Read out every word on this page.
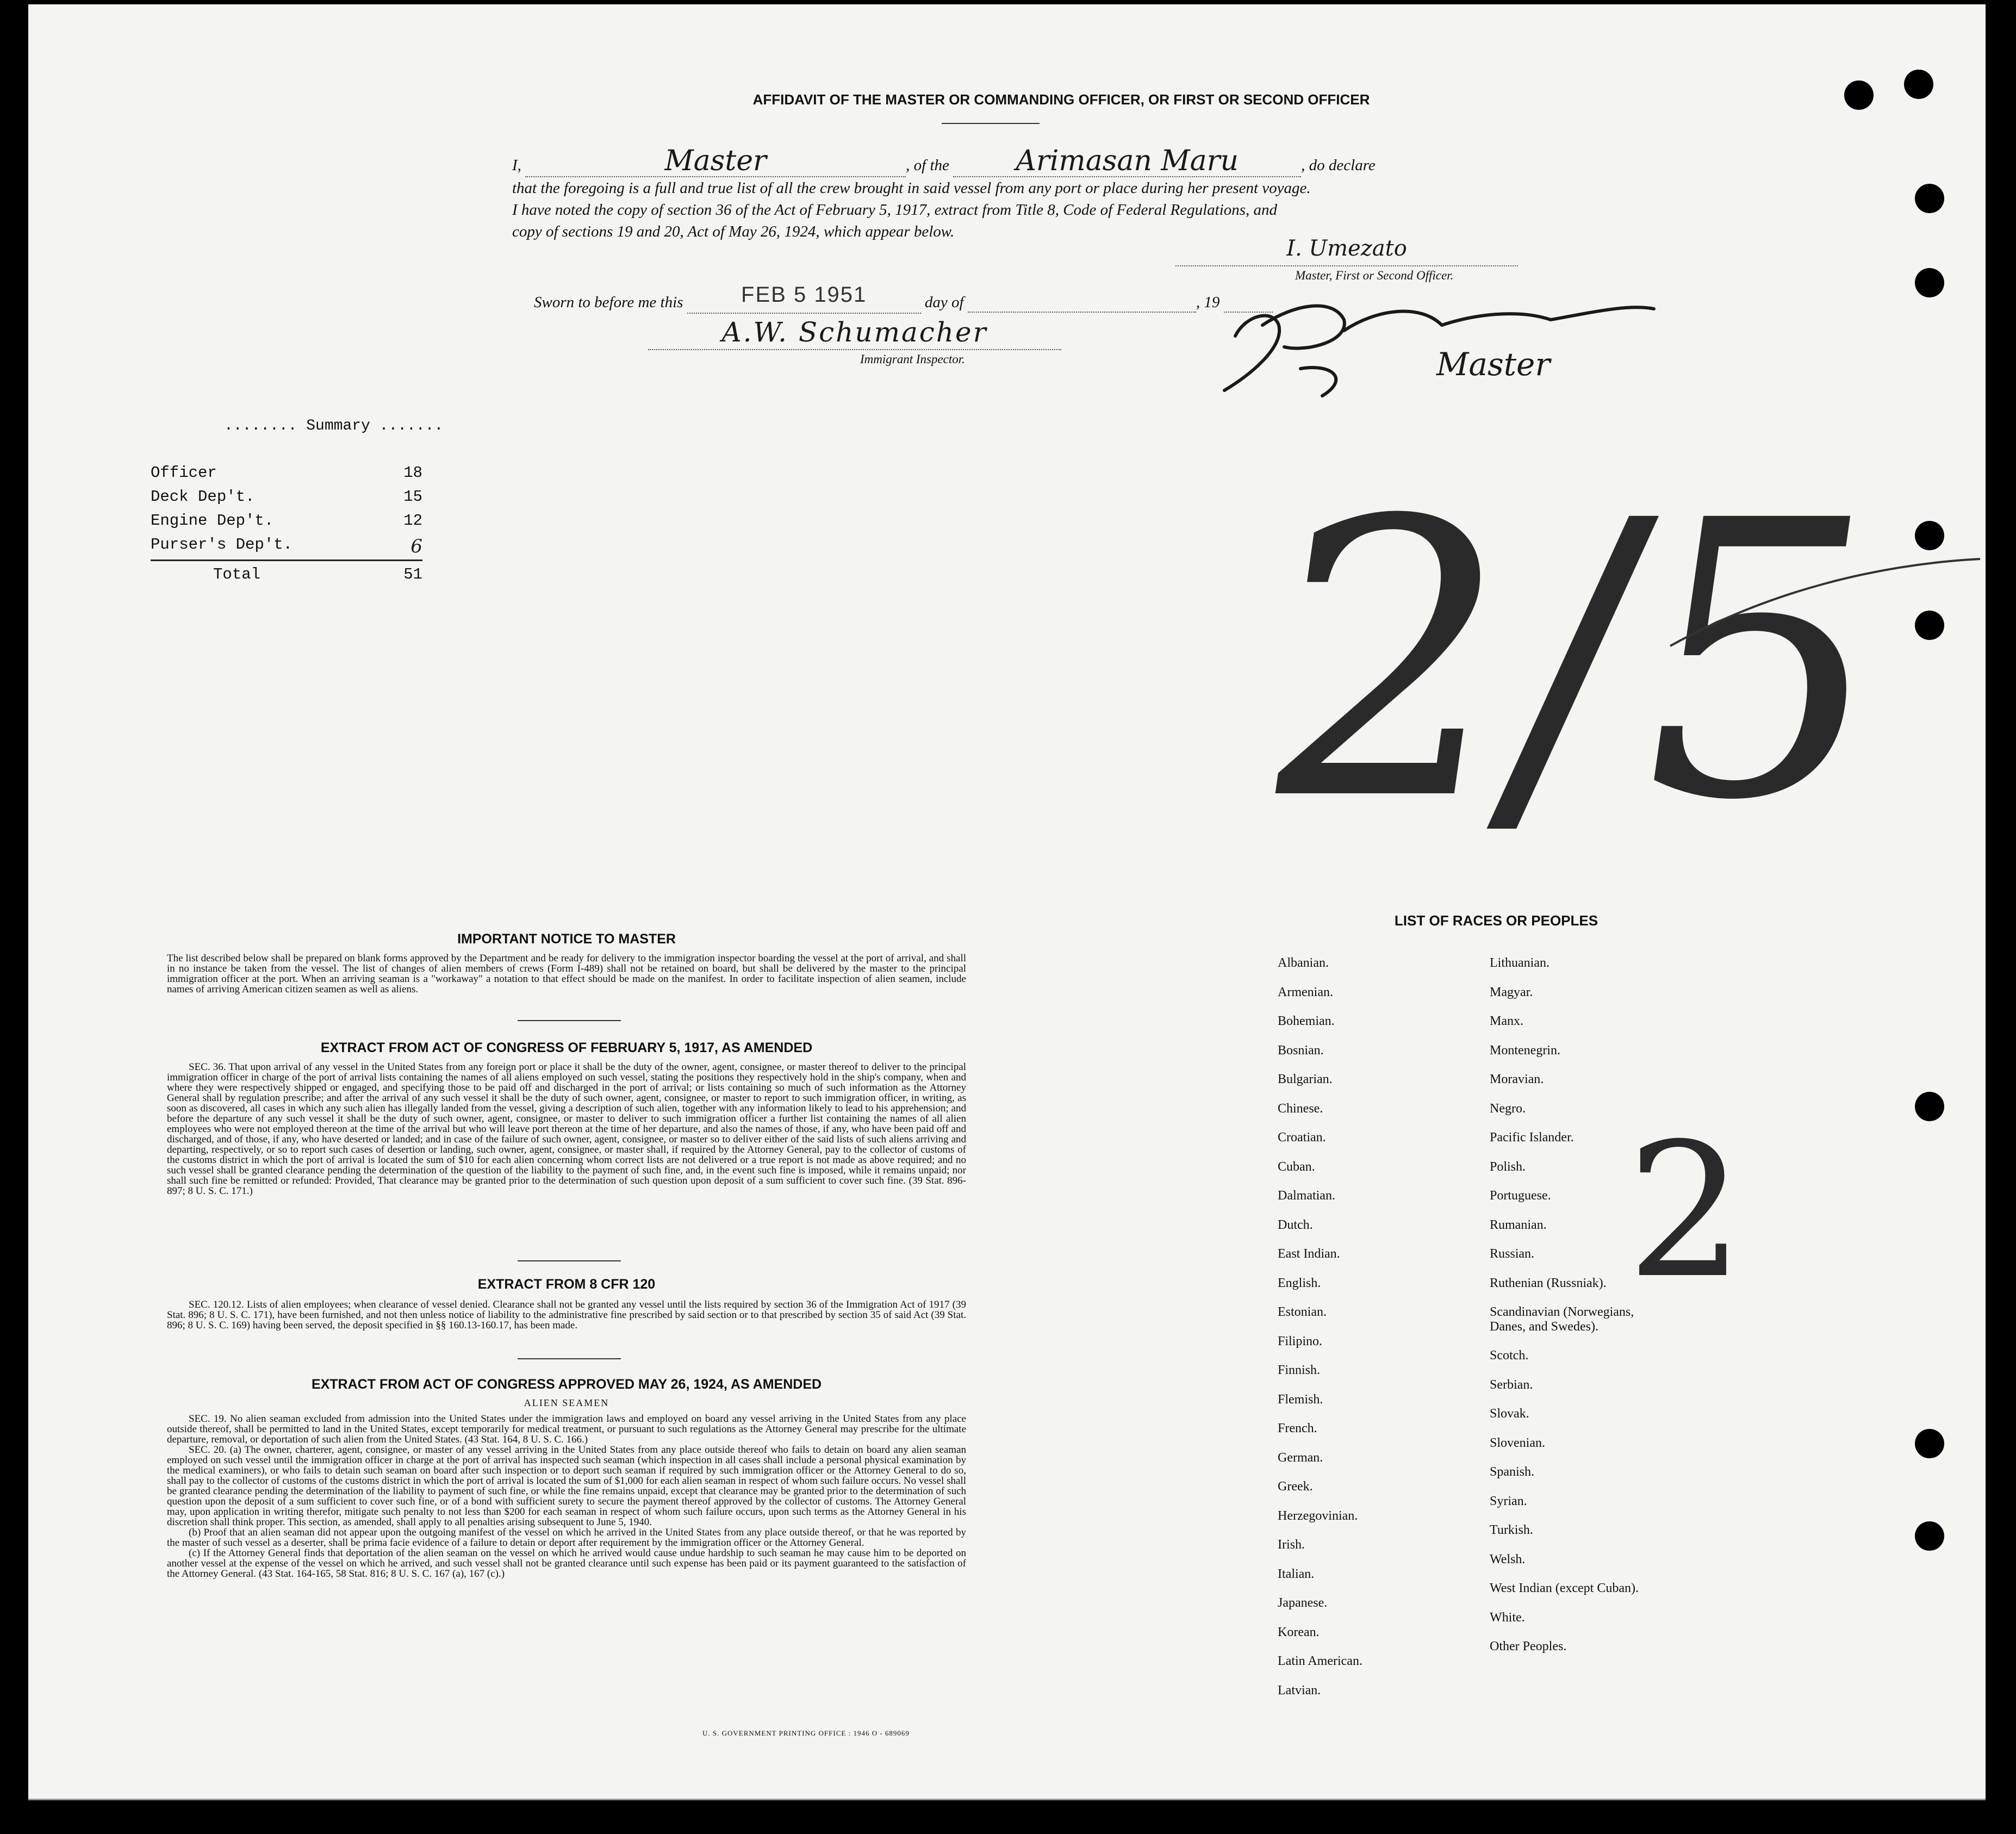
AFFIDAVIT OF THE MASTER OR COMMANDING OFFICER, OR FIRST OR SECOND OFFICER
I,	Master	, of the Arimasan Maru	, do declare
that the foregoing is a full and true list of all the crew brought in said vessel from any port or place during her present voyage.
I have noted the copy of section 36 of the Act of February 5, 1917, extract from Title 8, Code of Federal Regulations, and
copy of sections 19 and 20, Act of May 26, 1924, which appear below.
I. Umezato
Master, First or Second Officer.
Sworn to before me this	FEB 5 1951	day of	, 19
A.W. Schumacher
Immigrant Inspector.	Master
........ Summary .......
Officer	18
Deck Dep't.	15
Engine Dep't.	12
Purser's Dep't.	6
Total	51 2/5
2
IMPORTANT NOTICE TO MASTER
The list described below shall be prepared on blank forms approved by the Department and be ready for delivery to the immigration inspector boarding the vessel at the port of arrival, and shall in no instance be taken from the vessel. The list of changes of alien members of crews (Form I-489) shall not be retained on board, but shall be delivered by the master to the principal immigration officer at the port. When an arriving seaman is a "workaway" a notation to that effect should be made on the manifest. In order to facilitate inspection of alien seamen, include names of arriving American citizen seamen as well as aliens.
EXTRACT FROM ACT OF CONGRESS OF FEBRUARY 5, 1917, AS AMENDED
SEC. 36. That upon arrival of any vessel in the United States from any foreign port or place it shall be the duty of the owner, agent, consignee, or master thereof to deliver to the principal immigration officer in charge of the port of arrival lists containing the names of all aliens employed on such vessel, stating the positions they respectively hold in the ship's company, when and where they were respectively shipped or engaged, and specifying those to be paid off and discharged in the port of arrival; or lists containing so much of such information as the Attorney General shall by regulation prescribe; and after the arrival of any such vessel it shall be the duty of such owner, agent, consignee, or master to report to such immigration officer, in writing, as soon as discovered, all cases in which any such alien has illegally landed from the vessel, giving a description of such alien, together with any information likely to lead to his apprehension; and before the departure of any such vessel it shall be the duty of such owner, agent, consignee, or master to deliver to such immigration officer a further list containing the names of all alien employees who were not employed thereon at the time of the arrival but who will leave port thereon at the time of her departure, and also the names of those, if any, who have been paid off and discharged, and of those, if any, who have deserted or landed; and in case of the failure of such owner, agent, consignee, or master so to deliver either of the said lists of such aliens arriving and departing, respectively, or so to report such cases of desertion or landing, such owner, agent, consignee, or master shall, if required by the Attorney General, pay to the collector of customs of the customs district in which the port of arrival is located the sum of $10 for each alien concerning whom correct lists are not delivered or a true report is not made as above required; and no such vessel shall be granted clearance pending the determination of the question of the liability to the payment of such fine, and, in the event such fine is imposed, while it remains unpaid; nor shall such fine be remitted or refunded: Provided, That clearance may be granted prior to the determination of such question upon deposit of a sum sufficient to cover such fine. (39 Stat. 896-897; 8 U. S. C. 171.)
EXTRACT FROM 8 CFR 120
SEC. 120.12. Lists of alien employees; when clearance of vessel denied. Clearance shall not be granted any vessel until the lists required by section 36 of the Immigration Act of 1917 (39 Stat. 896; 8 U. S. C. 171), have been furnished, and not then unless notice of liability to the administrative fine prescribed by said section or to that prescribed by section 35 of said Act (39 Stat. 896; 8 U. S. C. 169) having been served, the deposit specified in §§ 160.13-160.17, has been made.
EXTRACT FROM ACT OF CONGRESS APPROVED MAY 26, 1924, AS AMENDED
ALIEN SEAMEN
SEC. 19. No alien seaman excluded from admission into the United States under the immigration laws and employed on board any vessel arriving in the United States from any place outside thereof, shall be permitted to land in the United States, except temporarily for medical treatment, or pursuant to such regulations as the Attorney General may prescribe for the ultimate departure, removal, or deportation of such alien from the United States. (43 Stat. 164, 8 U. S. C. 166.)
SEC. 20. (a) The owner, charterer, agent, consignee, or master of any vessel arriving in the United States from any place outside thereof who fails to detain on board any alien seaman employed on such vessel until the immigration officer in charge at the port of arrival has inspected such seaman (which inspection in all cases shall include a personal physical examination by the medical examiners), or who fails to detain such seaman on board after such inspection or to deport such seaman if required by such immigration officer or the Attorney General to do so, shall pay to the collector of customs of the customs district in which the port of arrival is located the sum of $1,000 for each alien seaman in respect of whom such failure occurs. No vessel shall be granted clearance pending the determination of the liability to payment of such fine, or while the fine remains unpaid, except that clearance may be granted prior to the determination of such question upon the deposit of a sum sufficient to cover such fine, or of a bond with sufficient surety to secure the payment thereof approved by the collector of customs. The Attorney General may, upon application in writing therefor, mitigate such penalty to not less than $200 for each seaman in respect of whom such failure occurs, upon such terms as the Attorney General in his discretion shall think proper. This section, as amended, shall apply to all penalties arising subsequent to June 5, 1940.
(b) Proof that an alien seaman did not appear upon the outgoing manifest of the vessel on which he arrived in the United States from any place outside thereof, or that he was reported by the master of such vessel as a deserter, shall be prima facie evidence of a failure to detain or deport after requirement by the immigration officer or the Attorney General.
(c) If the Attorney General finds that deportation of the alien seaman on the vessel on which he arrived would cause undue hardship to such seaman he may cause him to be deported on another vessel at the expense of the vessel on which he arrived, and such vessel shall not be granted clearance until such expense has been paid or its payment guaranteed to the satisfaction of the Attorney General. (43 Stat. 164-165, 58 Stat. 816; 8 U. S. C. 167 (a), 167 (c).)
U. S. GOVERNMENT PRINTING OFFICE : 1946 O - 689069
LIST OF RACES OR PEOPLES
Albanian.
Armenian.
Bohemian.
Bosnian.
Bulgarian.
Chinese.
Croatian.
Cuban.
Dalmatian.
Dutch.
East Indian.
English.
Estonian.
Filipino.
Finnish.
Flemish.
French.
German.
Greek.
Herzegovinian.
Irish.
Italian.
Japanese.
Korean.
Latin American.
Latvian.
Lithuanian.
Magyar.
Manx.
Montenegrin.
Moravian.
Negro.
Pacific Islander.
Polish.
Portuguese.
Rumanian.
Russian.
Ruthenian (Russniak).
Scandinavian (Norwegians, Danes, and Swedes).
Scotch.
Serbian.
Slovak.
Slovenian.
Spanish.
Syrian.
Turkish.
Welsh.
West Indian (except Cuban).
White.
Other Peoples.
